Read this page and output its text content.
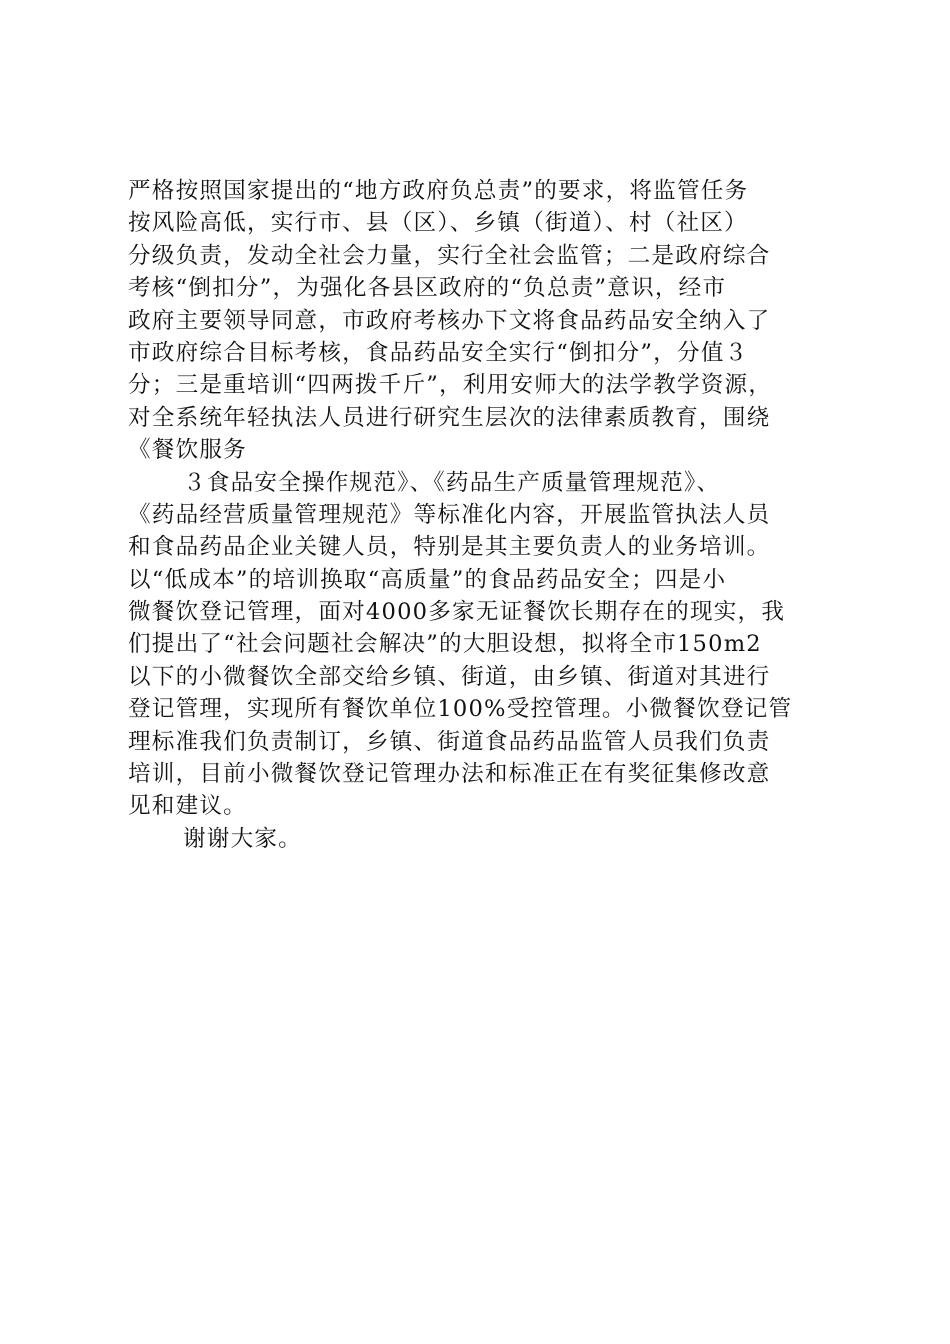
严格按照国家提出的“地方政府负总责”的要求，将监管任务
按风险高低，实行市、县（区）、乡镇（街道）、村（社区）
分级负责，发动全社会力量，实行全社会监管；二是政府综合
考核“倒扣分”，为强化各县区政府的“负总责”意识，经市
政府主要领导同意，市政府考核办下文将食品药品安全纳入了
市政府综合目标考核，食品药品安全实行“倒扣分”，分值３
分；三是重培训“四两拨千斤”，利用安师大的法学教学资源，
对全系统年轻执法人员进行研究生层次的法律素质教育，围绕
《餐饮服务
３食品安全操作规范》、《药品生产质量管理规范》、
《药品经营质量管理规范》等标准化内容，开展监管执法人员
和食品药品企业关键人员，特别是其主要负责人的业务培训。
以“低成本”的培训换取“高质量”的食品药品安全；四是小
微餐饮登记管理，面对4000多家无证餐饮长期存在的现实，我
们提出了“社会问题社会解决”的大胆设想，拟将全市150m2
以下的小微餐饮全部交给乡镇、街道，由乡镇、街道对其进行
登记管理，实现所有餐饮单位100%受控管理。小微餐饮登记管
理标准我们负责制订，乡镇、街道食品药品监管人员我们负责
培训，目前小微餐饮登记管理办法和标准正在有奖征集修改意
见和建议。
谢谢大家。
